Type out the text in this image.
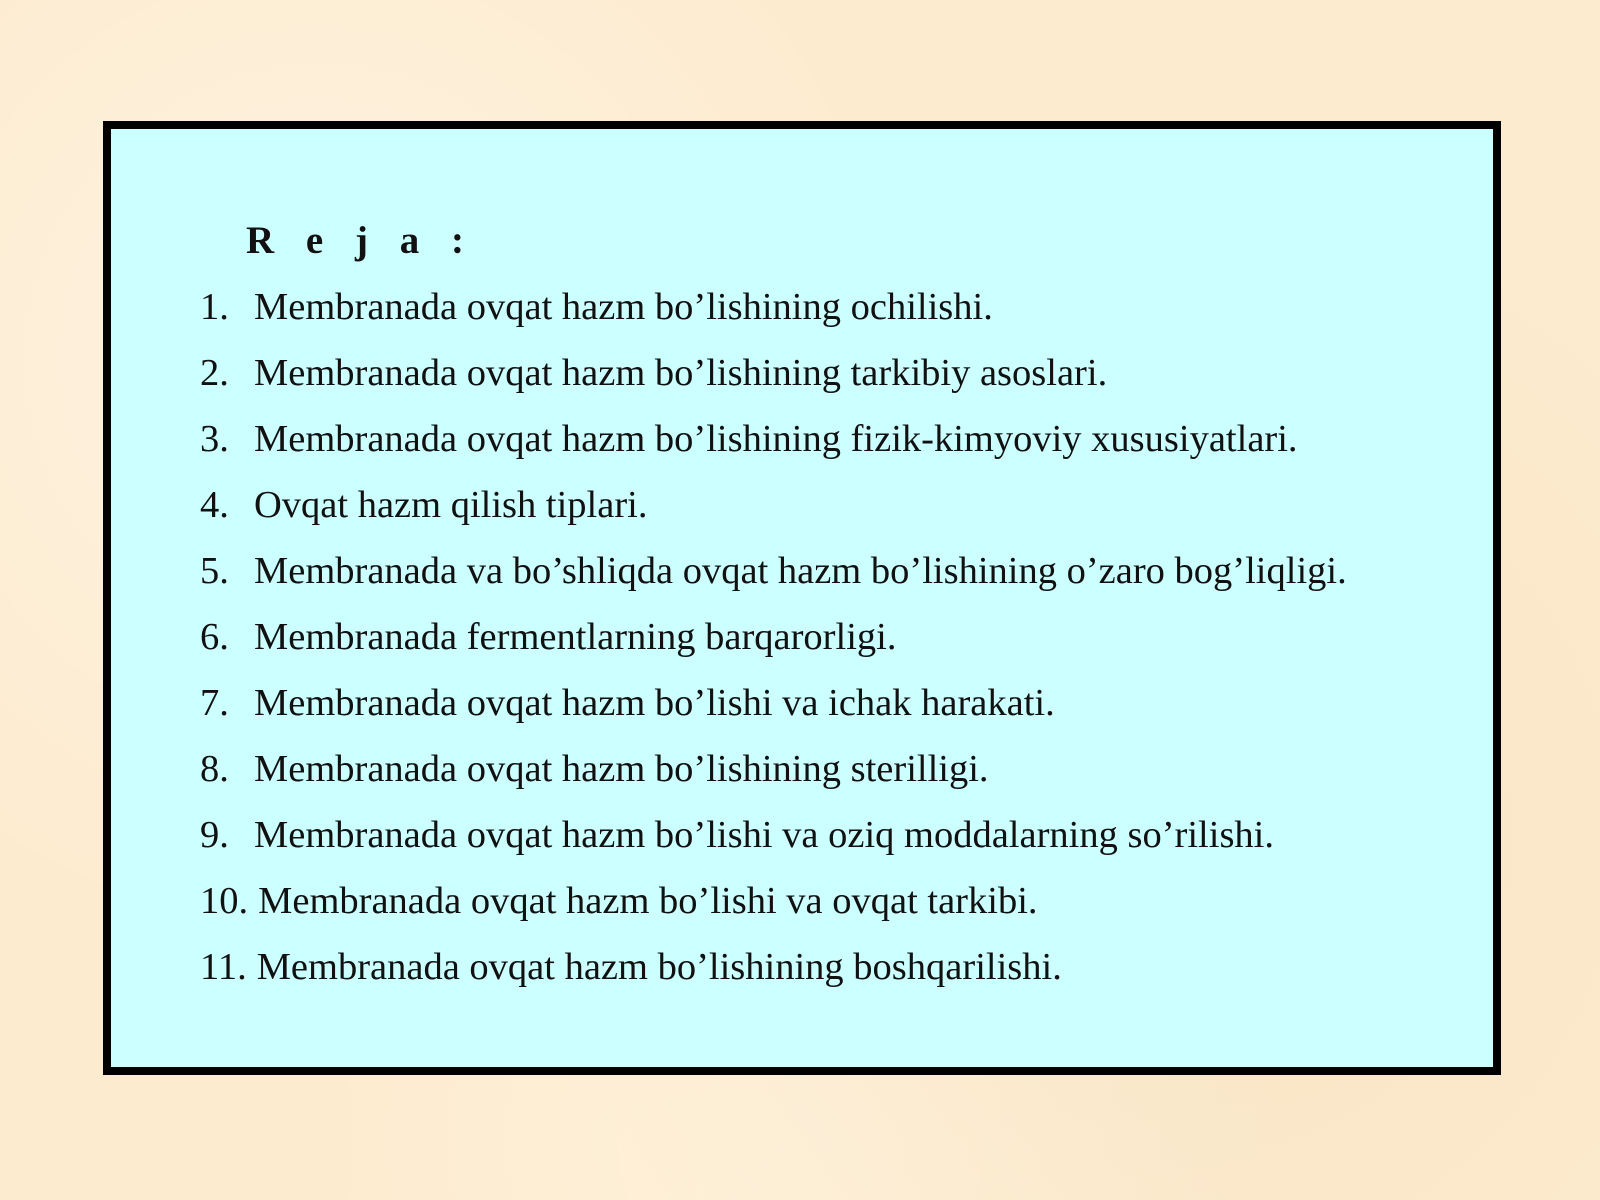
R e j a :
1. Membranada ovqat hazm bo’lishining ochilishi.
2. Membranada ovqat hazm bo’lishining tarkibiy asoslari.
3. Membranada ovqat hazm bo’lishining fizik-kimyoviy xususiyatlari.
4. Ovqat hazm qilish tiplari.
5. Membranada va bo’shliqda ovqat hazm bo’lishining o’zaro bog’liqligi.
6. Membranada fermentlarning barqarorligi.
7. Membranada ovqat hazm bo’lishi va ichak harakati.
8. Membranada ovqat hazm bo’lishining sterilligi.
9. Membranada ovqat hazm bo’lishi va oziq moddalarning so’rilishi.
10. Membranada ovqat hazm bo’lishi va ovqat tarkibi.
11. Membranada ovqat hazm bo’lishining boshqarilishi.
